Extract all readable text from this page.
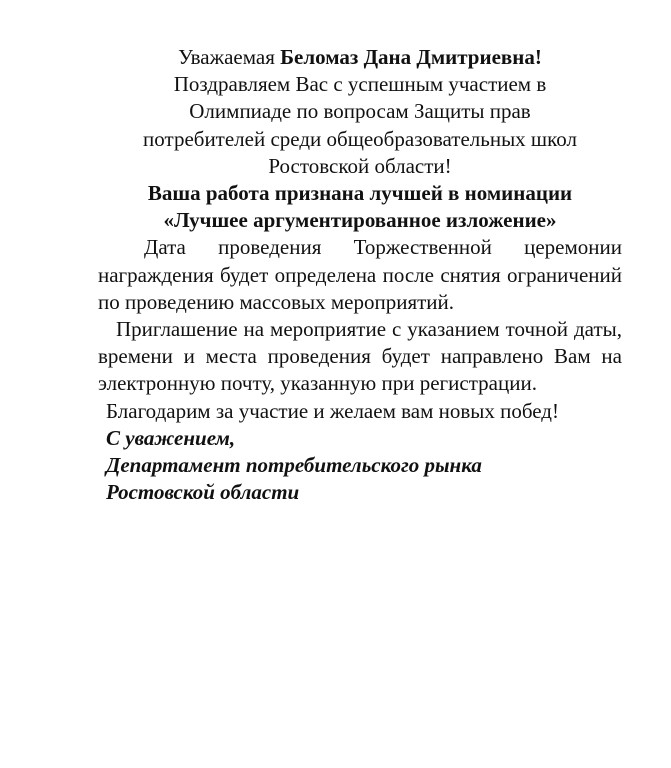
Уважаемая Беломаз Дана Дмитриевна!

Поздравляем Вас с успешным участием в

Олимпиаде по вопросам Защиты прав

потребителей среди общеобразовательных школ

Ростовской области!

Ваша работа признана лучшей в номинации

«Лучшее аргументированное изложение»

Дата проведения Торжественной церемонии награждения будет определена после снятия ограничений по проведению массовых мероприятий.

Приглашение на мероприятие с указанием точной даты, времени и места проведения будет направлено Вам на электронную почту, указанную при регистрации.

Благодарим за участие и желаем вам новых побед!

С уважением,

Департамент потребительского рынка

Ростовской области
